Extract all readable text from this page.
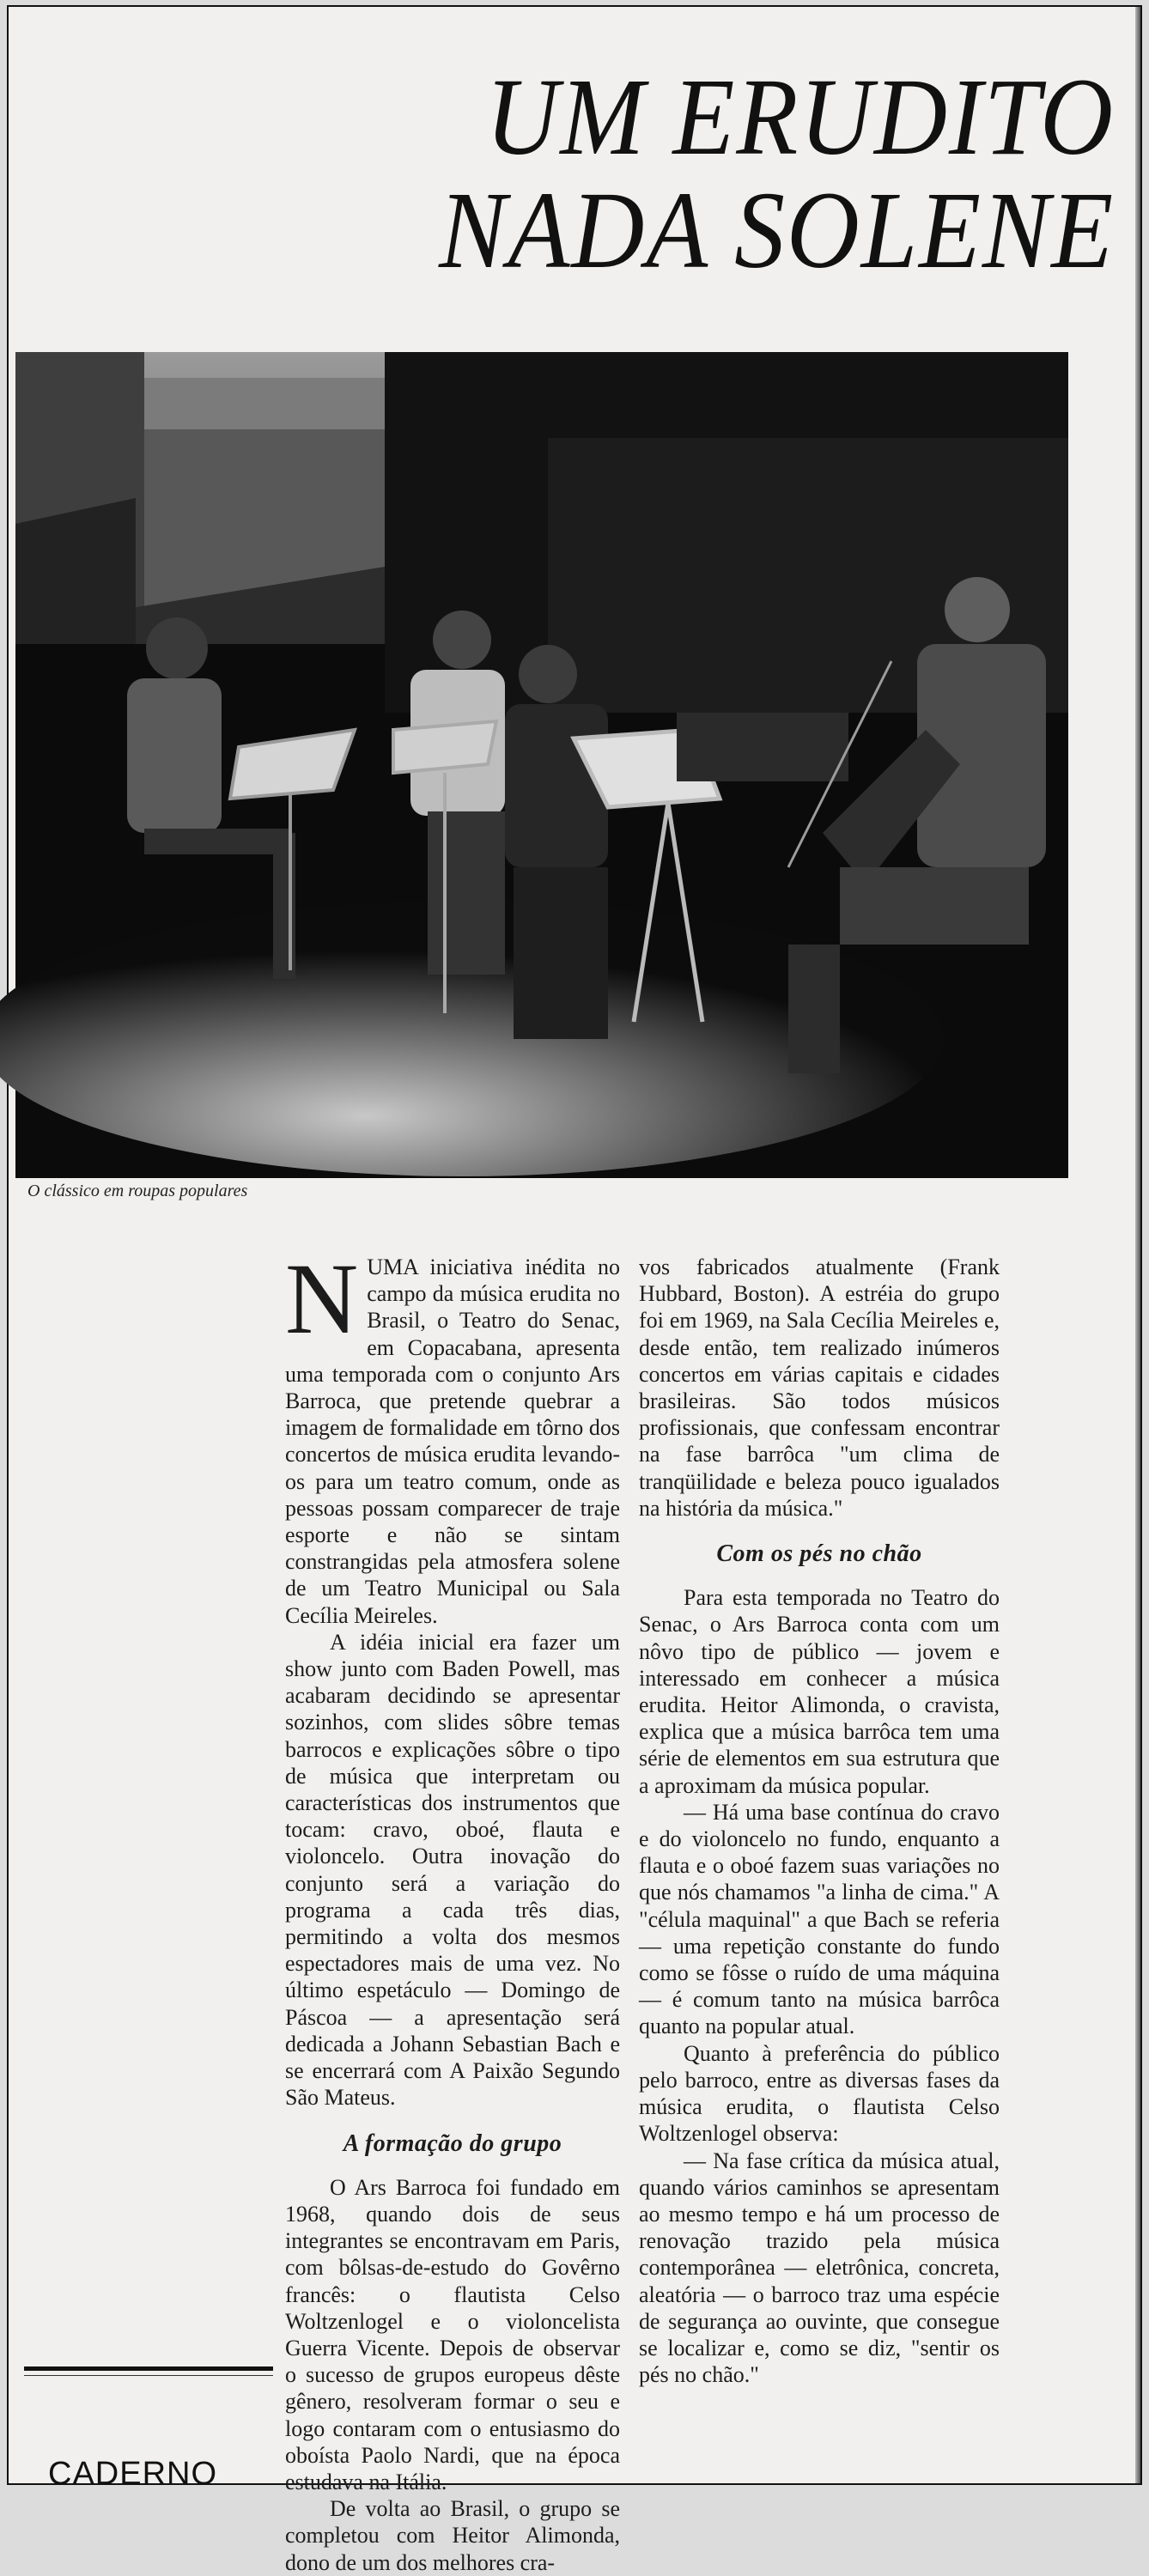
UM ERUDITO
NADA SOLENE
O clássico em roupas populares

NUMA iniciativa inédita no campo da música erudita no Brasil, o Teatro do Senac, em Copacabana, apresenta uma temporada com o conjunto Ars Barroca, que pretende quebrar a imagem de formalidade em tôrno dos concertos de música erudita levando-os para um teatro comum, onde as pessoas possam comparecer de traje esporte e não se sintam constrangidas pela atmosfera solene de um Teatro Municipal ou Sala Cecília Meireles.

A idéia inicial era fazer um show junto com Baden Powell, mas acabaram decidindo se apresentar sozinhos, com slides sôbre temas barrocos e explicações sôbre o tipo de música que interpretam ou características dos instrumentos que tocam: cravo, oboé, flauta e violoncelo. Outra inovação do conjunto será a variação do programa a cada três dias, permitindo a volta dos mesmos espectadores mais de uma vez. No último espetáculo — Domingo de Páscoa — a apresentação será dedicada a Johann Sebastian Bach e se encerrará com A Paixão Segundo São Mateus.

A formação do grupo

O Ars Barroca foi fundado em 1968, quando dois de seus integrantes se encontravam em Paris, com bôlsas-de-estudo do Govêrno francês: o flautista Celso Woltzenlogel e o violoncelista Guerra Vicente. Depois de observar o sucesso de grupos europeus dêste gênero, resolveram formar o seu e logo contaram com o entusiasmo do oboísta Paolo Nardi, que na época estudava na Itália.

De volta ao Brasil, o grupo se completou com Heitor Alimonda, dono de um dos melhores cra-

vos fabricados atualmente (Frank Hubbard, Boston). A estréia do grupo foi em 1969, na Sala Cecília Meireles e, desde então, tem realizado inúmeros concertos em várias capitais e cidades brasileiras. São todos músicos profissionais, que confessam encontrar na fase barrôca "um clima de tranqüilidade e beleza pouco igualados na história da música."

Com os pés no chão

Para esta temporada no Teatro do Senac, o Ars Barroca conta com um nôvo tipo de público — jovem e interessado em conhecer a música erudita. Heitor Alimonda, o cravista, explica que a música barrôca tem uma série de elementos em sua estrutura que a aproximam da música popular.

— Há uma base contínua do cravo e do violoncelo no fundo, enquanto a flauta e o oboé fazem suas variações no que nós chamamos "a linha de cima." A "célula maquinal" a que Bach se referia — uma repetição constante do fundo como se fôsse o ruído de uma máquina — é comum tanto na música barrôca quanto na popular atual.

Quanto à preferência do público pelo barroco, entre as diversas fases da música erudita, o flautista Celso Woltzenlogel observa:

— Na fase crítica da música atual, quando vários caminhos se apresentam ao mesmo tempo e há um processo de renovação trazido pela música contemporânea — eletrônica, concreta, aleatória — o barroco traz uma espécie de segurança ao ouvinte, que consegue se localizar e, como se diz, "sentir os pés no chão."

CADERNO
